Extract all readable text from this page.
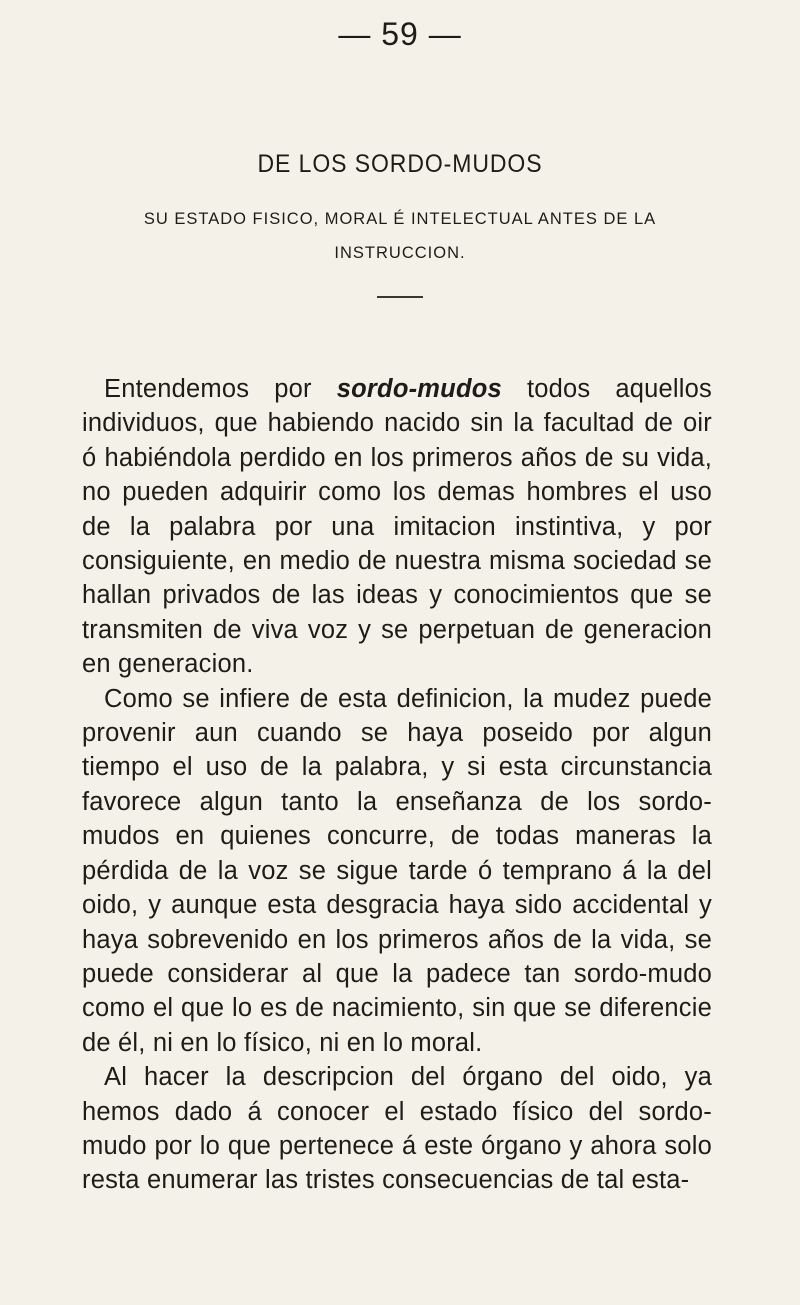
— 59 —
DE LOS SORDO-MUDOS
SU ESTADO FISICO, MORAL É INTELECTUAL ANTES DE LA INSTRUCCION.

Entendemos por sordo-mudos todos aquellos individuos, que habiendo nacido sin la facultad de oir ó habiéndola perdido en los primeros años de su vida, no pueden adquirir como los demas hombres el uso de la palabra por una imitacion instintiva, y por consiguiente, en medio de nuestra misma sociedad se hallan privados de las ideas y conocimientos que se transmiten de viva voz y se perpetuan de generacion en generacion.

Como se infiere de esta definicion, la mudez puede provenir aun cuando se haya poseido por algun tiempo el uso de la palabra, y si esta circunstancia favorece algun tanto la enseñanza de los sordo-mudos en quienes concurre, de todas maneras la pérdida de la voz se sigue tarde ó temprano á la del oido, y aunque esta desgracia haya sido accidental y haya sobrevenido en los primeros años de la vida, se puede considerar al que la padece tan sordo-mudo como el que lo es de nacimiento, sin que se diferencie de él, ni en lo físico, ni en lo moral.

Al hacer la descripcion del órgano del oido, ya hemos dado á conocer el estado físico del sordo-mudo por lo que pertenece á este órgano y ahora solo resta enumerar las tristes consecuencias de tal esta-
